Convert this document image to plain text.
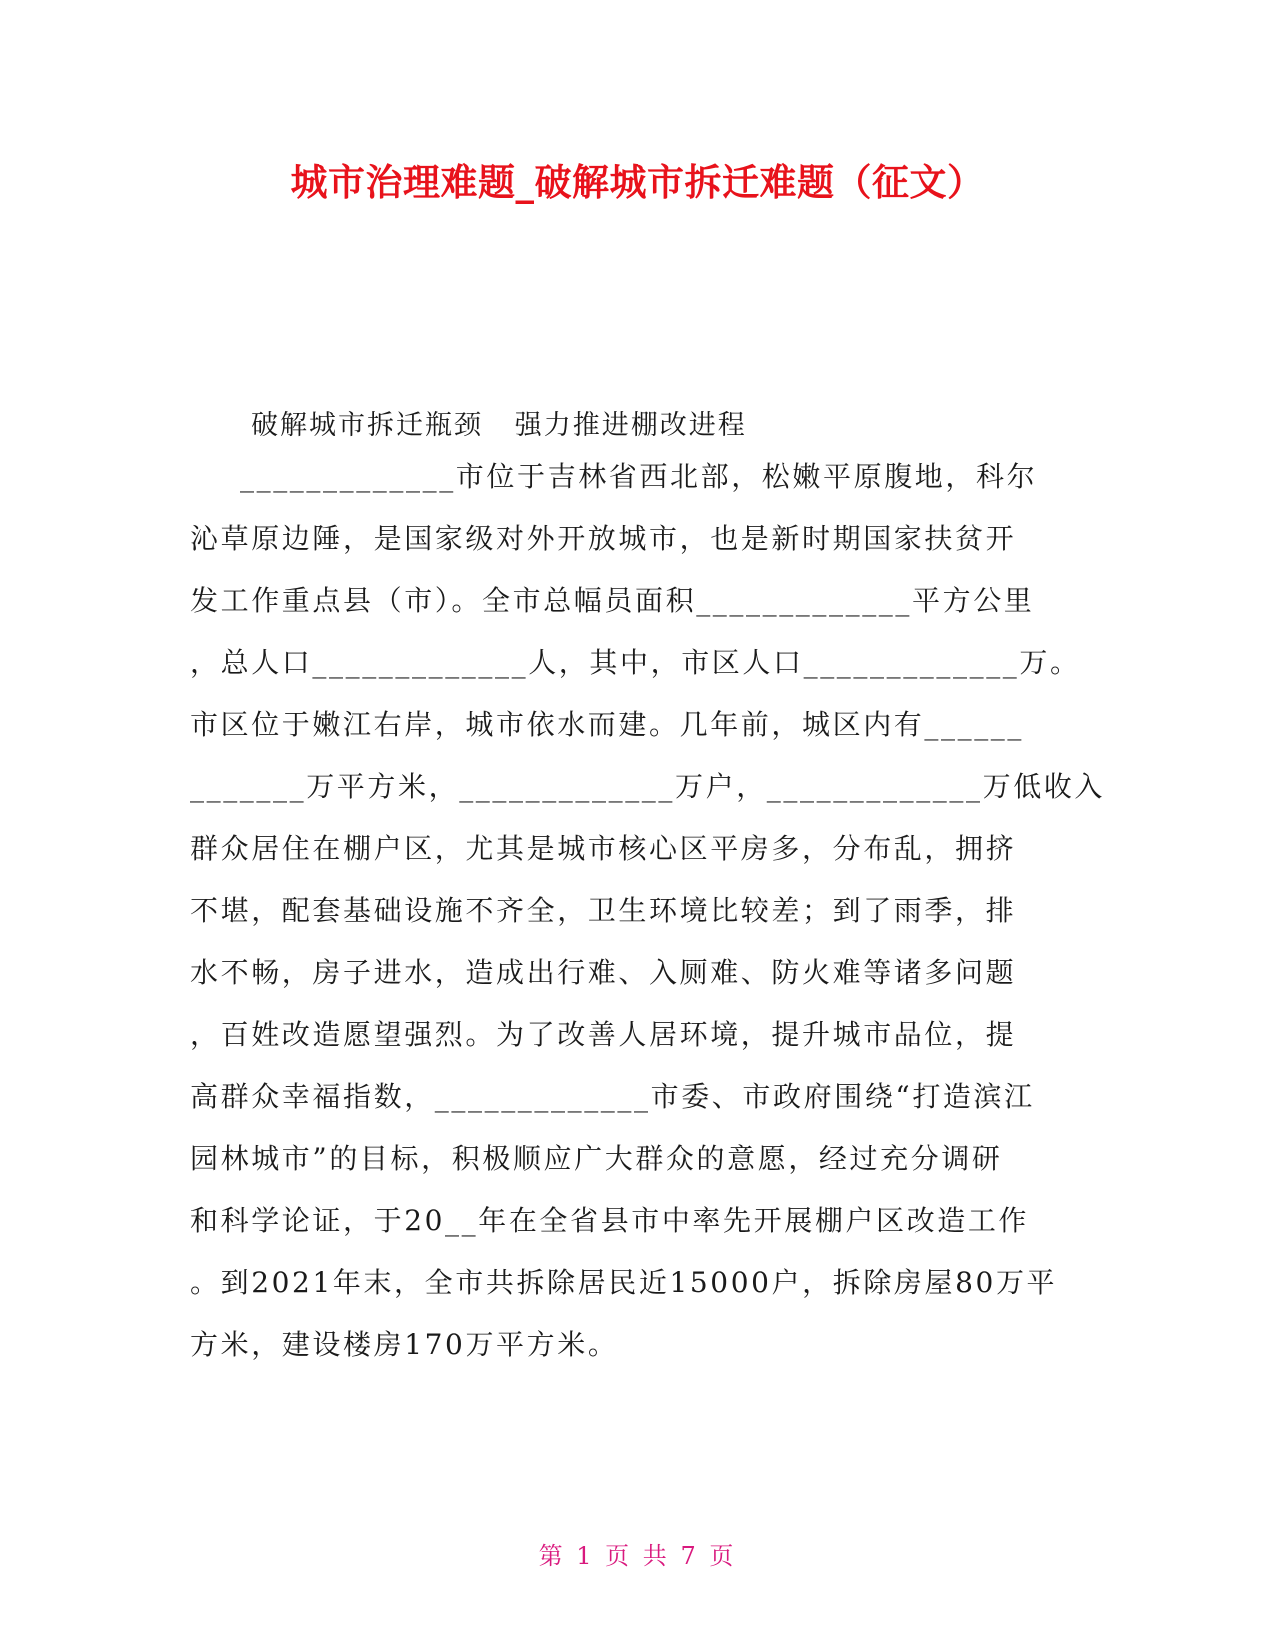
城市治理难题_破解城市拆迁难题（征文）
破解城市拆迁瓶颈   强力推进棚改进程
_____________市位于吉林省西北部，松嫩平原腹地，科尔
沁草原边陲，是国家级对外开放城市，也是新时期国家扶贫开
发工作重点县（市）。全市总幅员面积_____________平方公里
，总人口_____________人，其中，市区人口_____________万。
市区位于嫩江右岸，城市依水而建。几年前，城区内有______
_______万平方米，_____________万户，_____________万低收入
群众居住在棚户区，尤其是城市核心区平房多，分布乱，拥挤
不堪，配套基础设施不齐全，卫生环境比较差；到了雨季，排
水不畅，房子进水，造成出行难、入厕难、防火难等诸多问题
，百姓改造愿望强烈。为了改善人居环境，提升城市品位，提
高群众幸福指数，_____________市委、市政府围绕“打造滨江
园林城市”的目标，积极顺应广大群众的意愿，经过充分调研
和科学论证，于20__年在全省县市中率先开展棚户区改造工作
。到2021年末，全市共拆除居民近15000户，拆除房屋80万平
方米，建设楼房170万平方米。
第 1 页 共 7 页
